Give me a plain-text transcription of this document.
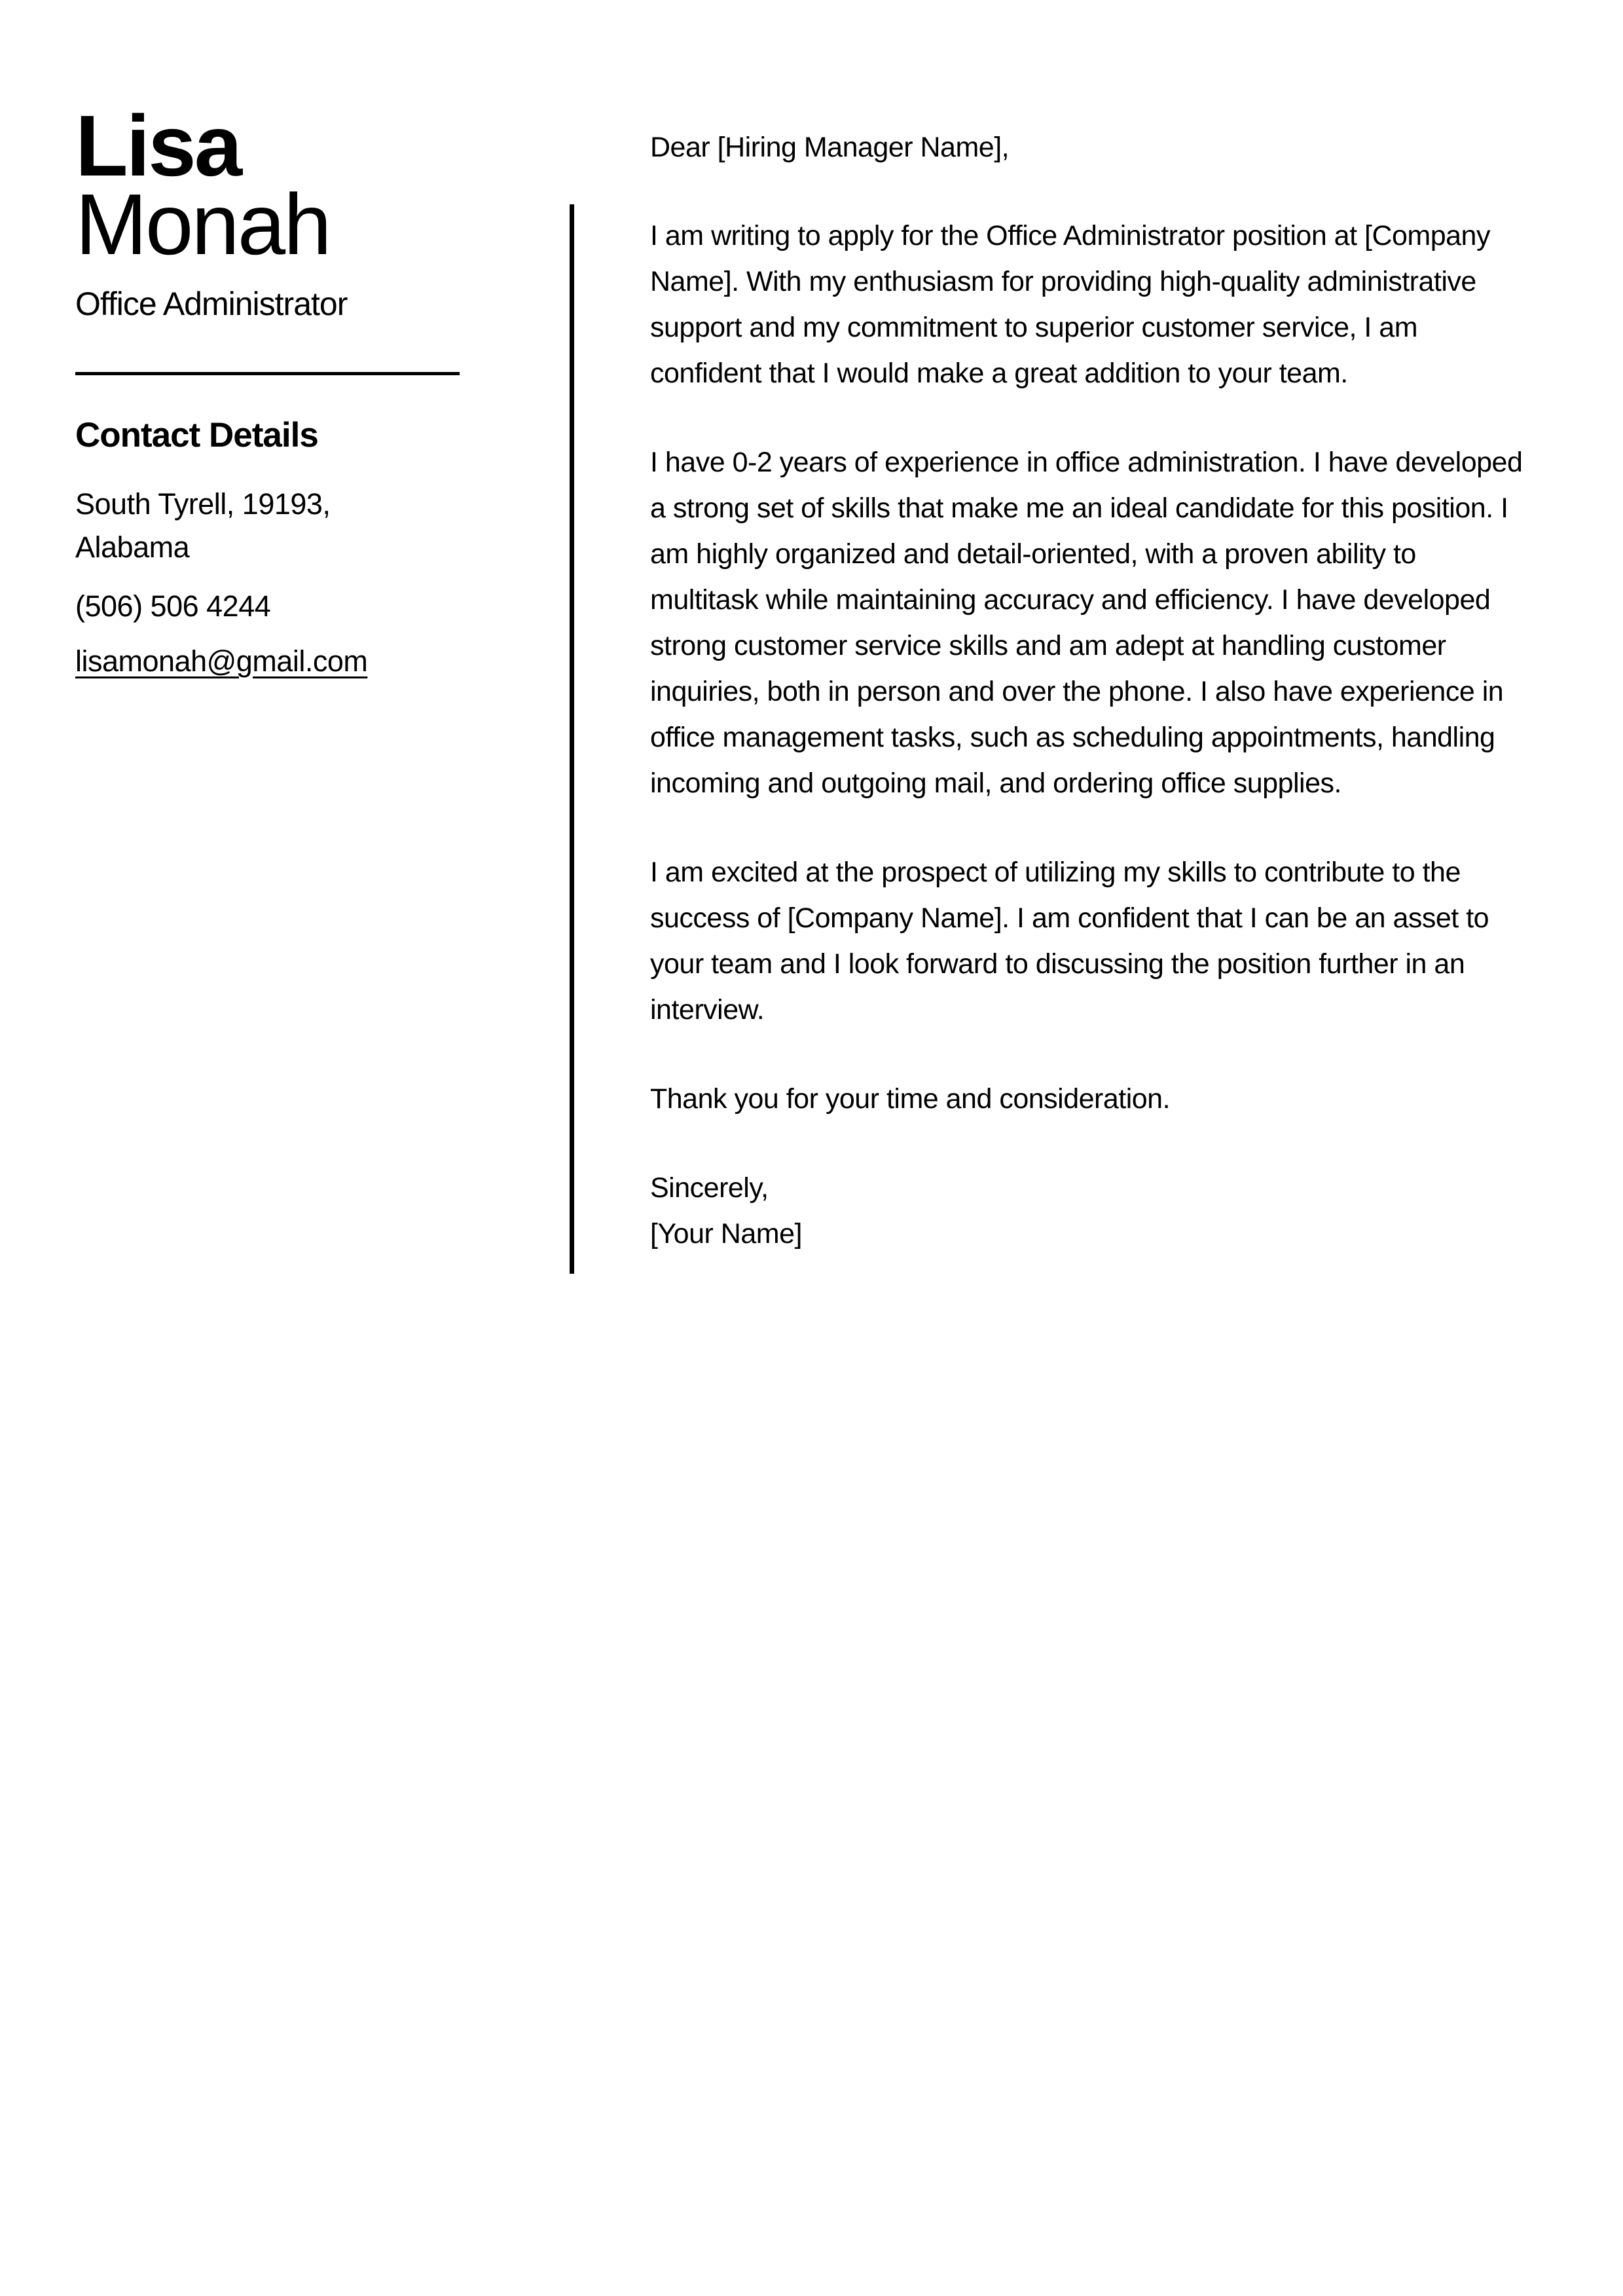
Lisa
Monah
Office Administrator
Contact Details
South Tyrell, 19193,
Alabama
(506) 506 4244
lisamonah@gmail.com

Dear [Hiring Manager Name],

I am writing to apply for the Office Administrator position at [Company Name]. With my enthusiasm for providing high-quality administrative support and my commitment to superior customer service, I am confident that I would make a great addition to your team.

I have 0-2 years of experience in office administration. I have developed a strong set of skills that make me an ideal candidate for this position. I am highly organized and detail-oriented, with a proven ability to multitask while maintaining accuracy and efficiency. I have developed strong customer service skills and am adept at handling customer inquiries, both in person and over the phone. I also have experience in office management tasks, such as scheduling appointments, handling incoming and outgoing mail, and ordering office supplies.

I am excited at the prospect of utilizing my skills to contribute to the success of [Company Name]. I am confident that I can be an asset to your team and I look forward to discussing the position further in an interview.

Thank you for your time and consideration.

Sincerely,
[Your Name]
